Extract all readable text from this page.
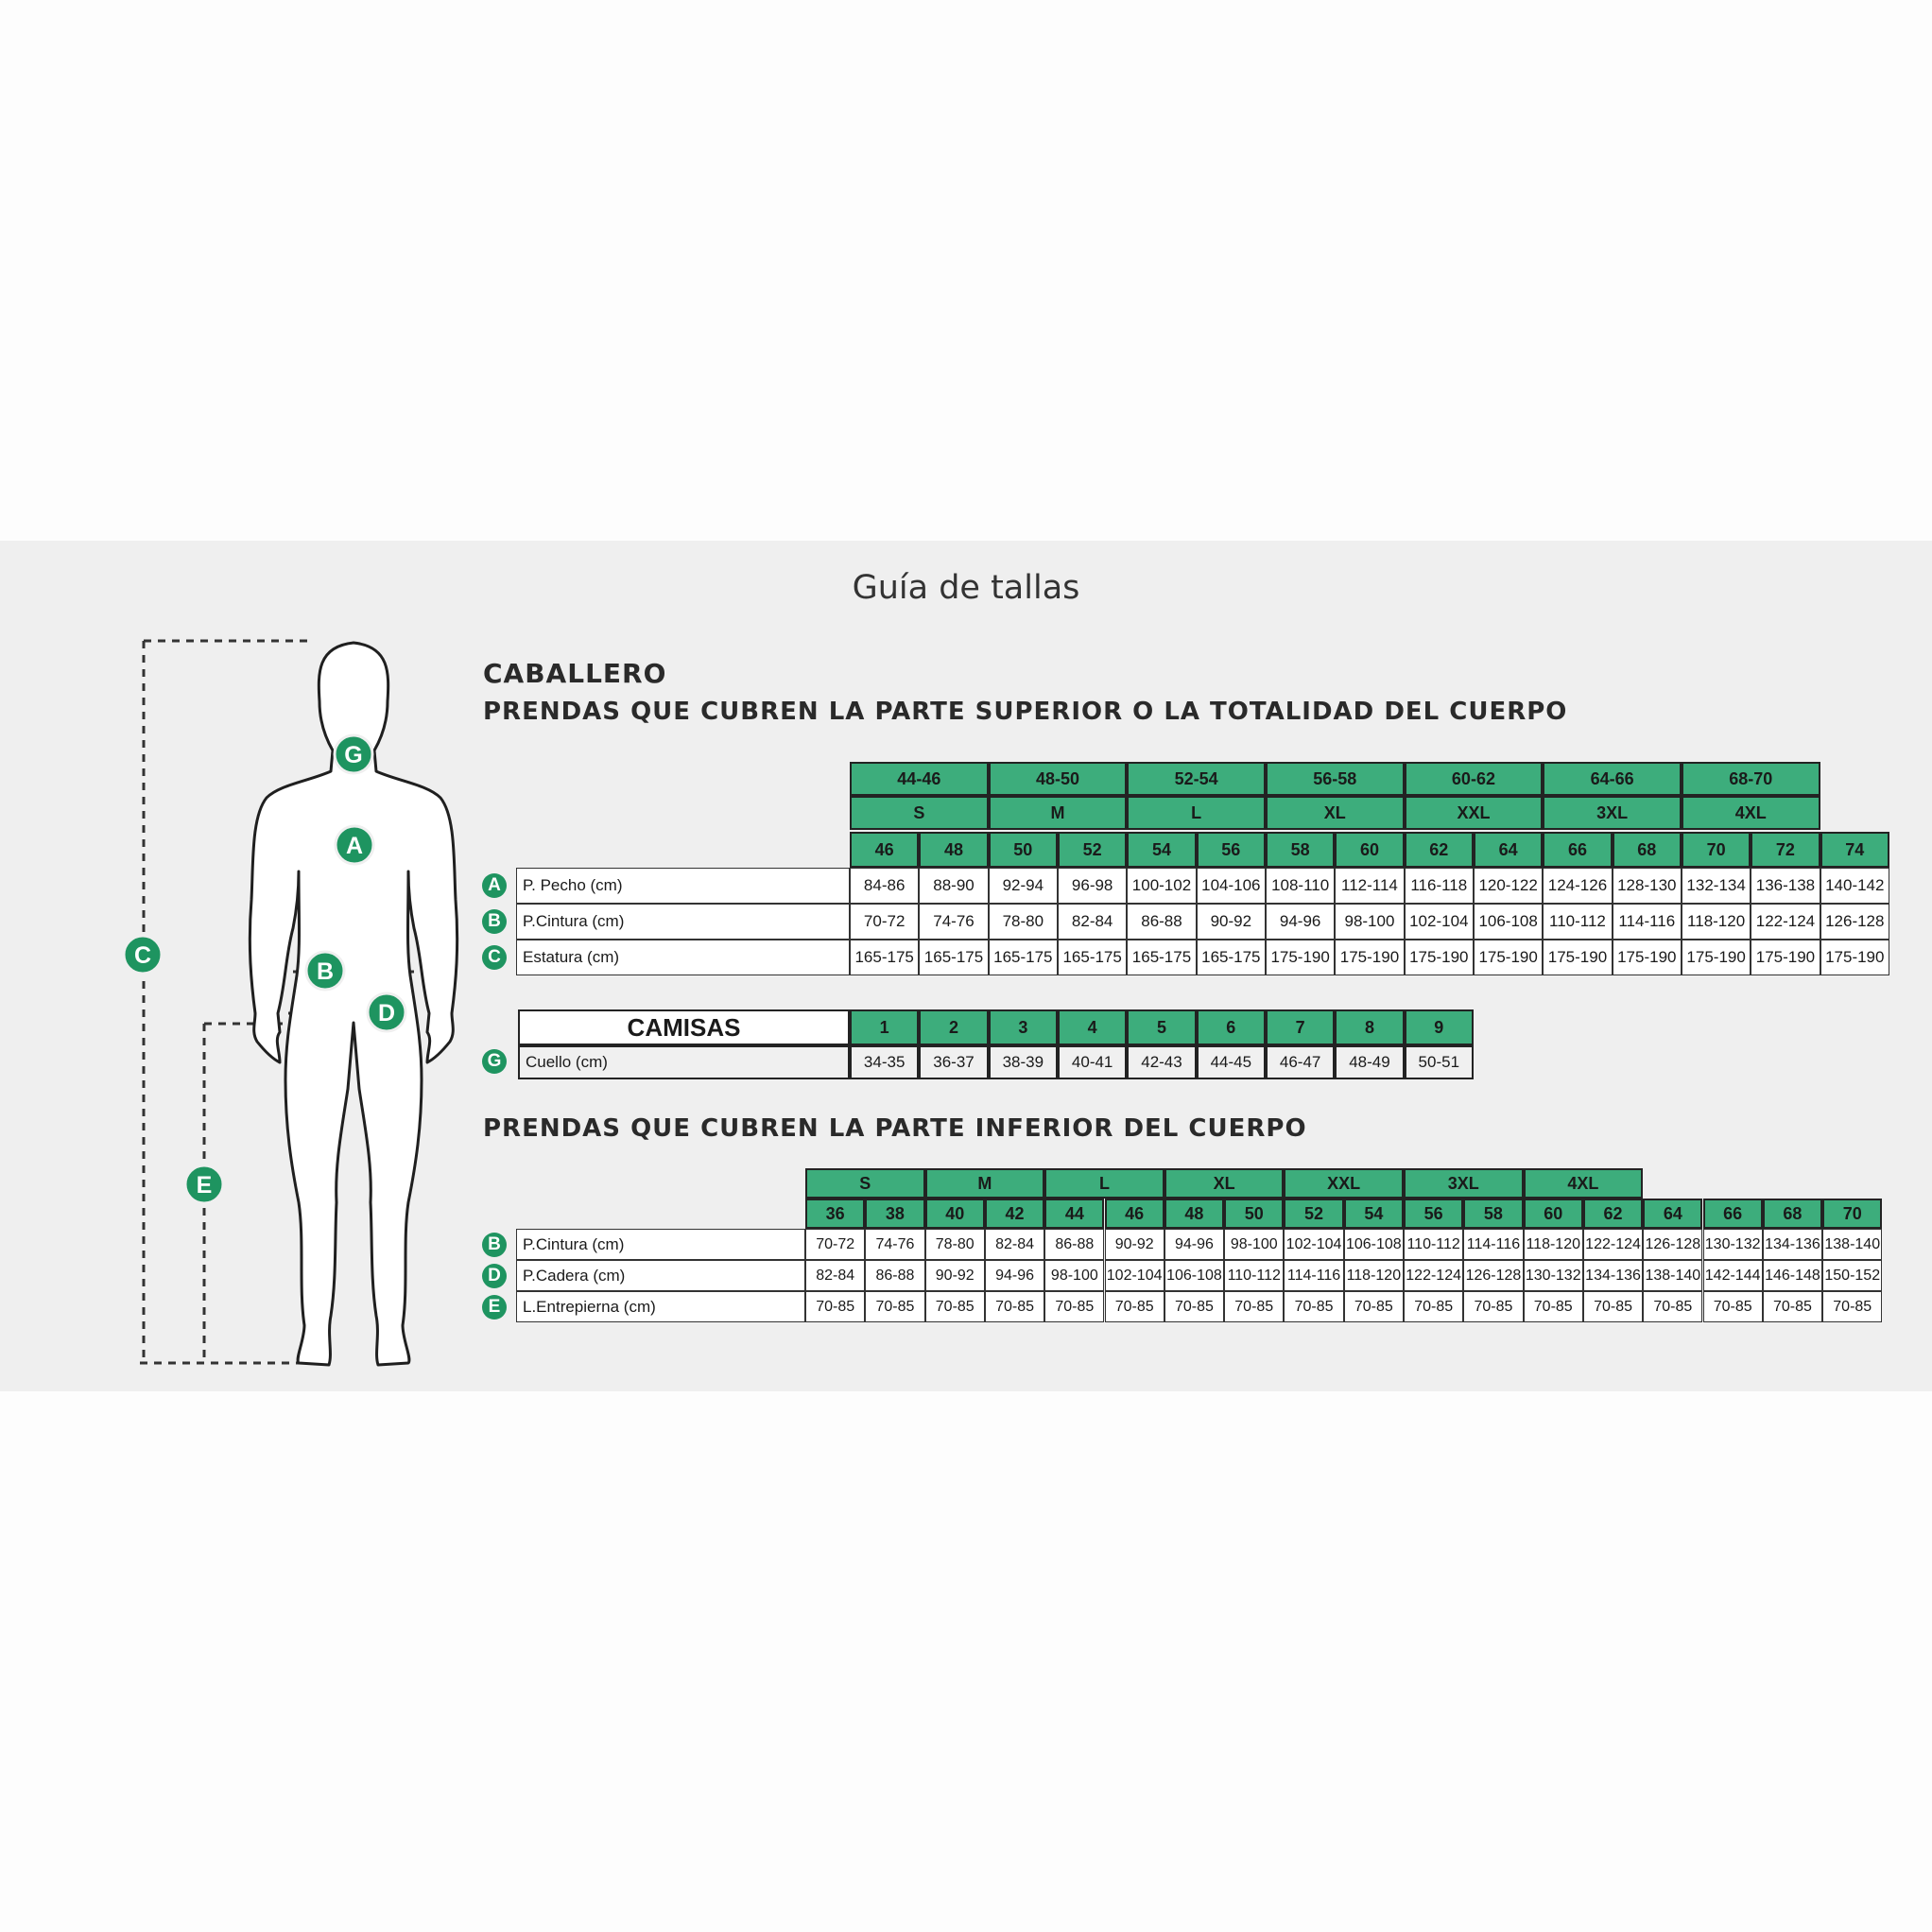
Guía de tallas
G
A
C
B
D
E
CABALLERO
PRENDAS QUE CUBREN LA PARTE SUPERIOR O LA TOTALIDAD DEL CUERPO
PRENDAS QUE CUBREN LA PARTE INFERIOR DEL CUERPO
44-46	48-50	52-54	56-58	60-62	64-66	68-70
S	M	L	XL	XXL	3XL	4XL
46	48	50	52	54	56	58	60	62	64	66	68	70	72	74
P. Pecho (cm)	84-86	88-90	92-94	96-98	100-102 104-106 108-110 112-114 116-118 120-122 124-126 128-130 132-134 136-138 140-142
P.Cintura (cm)	70-72	74-76	78-80	82-84	86-88	90-92	94-96	98-100 102-104 106-108 110-112 114-116 118-120 122-124 126-128
Estatura (cm)	165-175 165-175 165-175 165-175 165-175 165-175 175-190 175-190 175-190 175-190 175-190 175-190 175-190 175-190 175-190
CAMISAS	1	2	3	4	5	6	7	8	9
Cuello (cm)	34-35	36-37	38-39	40-41	42-43	44-45	46-47	48-49	50-51
S	M	L	XL	XXL	3XL	4XL
36	38	40	42	44	46	48	50	52	54	56	58	60	62	64	66	68	70
P.Cintura (cm)	70-72	74-76	78-80	82-84	86-88	90-92	94-96	98-100 102-104 106-108 110-112 114-116 118-120 122-124 126-128 130-132 134-136 138-140
P.Cadera (cm)	82-84	86-88	90-92	94-96	98-100 102-104 106-108 110-112 114-116 118-120 122-124 126-128 130-132 134-136 138-140 142-144 146-148 150-152
L.Entrepierna (cm)	70-85	70-85	70-85	70-85	70-85	70-85	70-85	70-85	70-85	70-85	70-85	70-85	70-85	70-85	70-85	70-85	70-85	70-85
A
B
C
G
B
D
E
